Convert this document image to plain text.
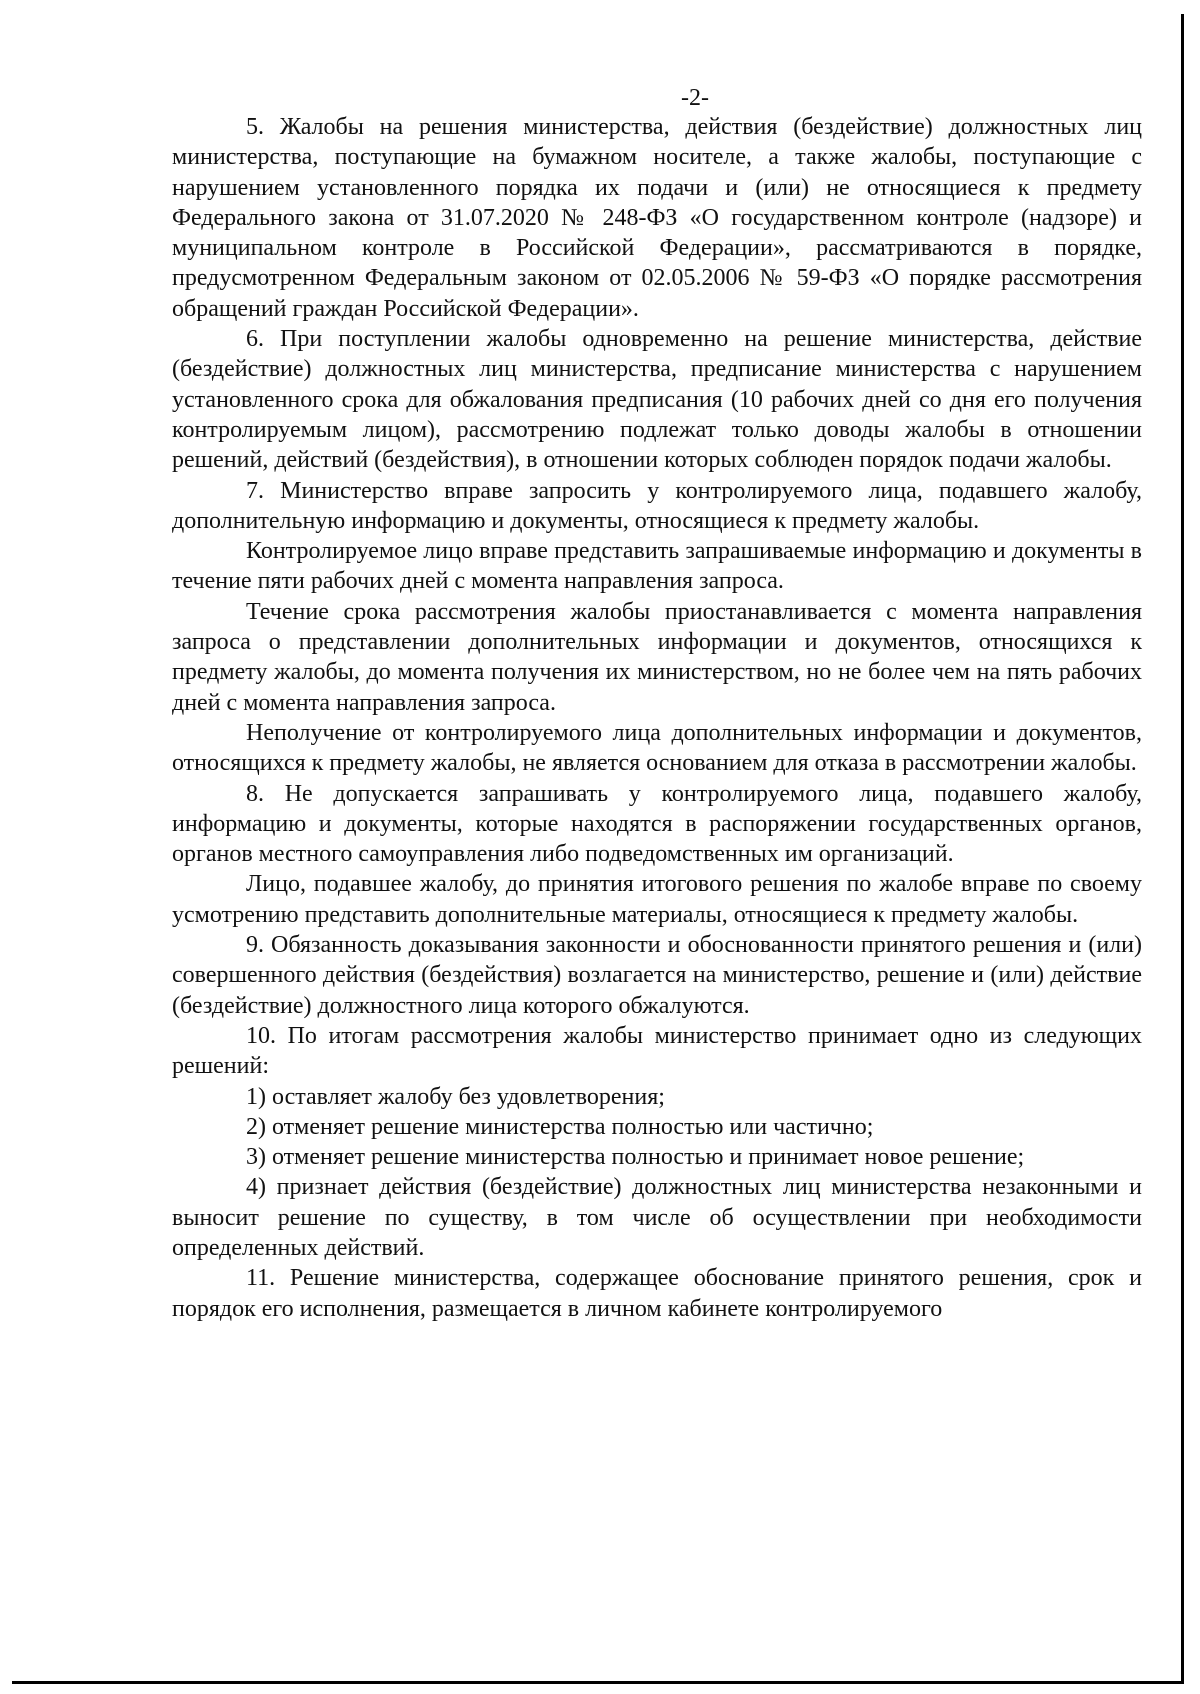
-2-

5. Жалобы на решения министерства, действия (бездействие) должностных лиц министерства, поступающие на бумажном носителе, а также жалобы, поступающие с нарушением установленного порядка их подачи и (или) не относящиеся к предмету Федерального закона от 31.07.2020 № 248-ФЗ «О государственном контроле (надзоре) и муниципальном контроле в Российской Федерации», рассматриваются в порядке, предусмотренном Федеральным законом от 02.05.2006 № 59-ФЗ «О порядке рассмотрения обращений граждан Российской Федерации».

6. При поступлении жалобы одновременно на решение министерства, действие (бездействие) должностных лиц министерства, предписание министерства с нарушением установленного срока для обжалования предписания (10 рабочих дней со дня его получения контролируемым лицом), рассмотрению подлежат только доводы жалобы в отношении решений, действий (бездействия), в отношении которых соблюден порядок подачи жалобы.

7. Министерство вправе запросить у контролируемого лица, подавшего жалобу, дополнительную информацию и документы, относящиеся к предмету жалобы.

Контролируемое лицо вправе представить запрашиваемые информацию и документы в течение пяти рабочих дней с момента направления запроса.

Течение срока рассмотрения жалобы приостанавливается с момента направления запроса о представлении дополнительных информации и документов, относящихся к предмету жалобы, до момента получения их министерством, но не более чем на пять рабочих дней с момента направления запроса.

Неполучение от контролируемого лица дополнительных информации и документов, относящихся к предмету жалобы, не является основанием для отказа в рассмотрении жалобы.

8. Не допускается запрашивать у контролируемого лица, подавшего жалобу, информацию и документы, которые находятся в распоряжении государственных органов, органов местного самоуправления либо подведомственных им организаций.

Лицо, подавшее жалобу, до принятия итогового решения по жалобе вправе по своему усмотрению представить дополнительные материалы, относящиеся к предмету жалобы.

9. Обязанность доказывания законности и обоснованности принятого решения и (или) совершенного действия (бездействия) возлагается на министерство, решение и (или) действие (бездействие) должностного лица которого обжалуются.

10. По итогам рассмотрения жалобы министерство принимает одно из следующих решений:

1) оставляет жалобу без удовлетворения;

2) отменяет решение министерства полностью или частично;

3) отменяет решение министерства полностью и принимает новое решение;

4) признает действия (бездействие) должностных лиц министерства незаконными и выносит решение по существу, в том числе об осуществлении при необходимости определенных действий.

11. Решение министерства, содержащее обоснование принятого решения, срок и порядок его исполнения, размещается в личном кабинете контролируемого
